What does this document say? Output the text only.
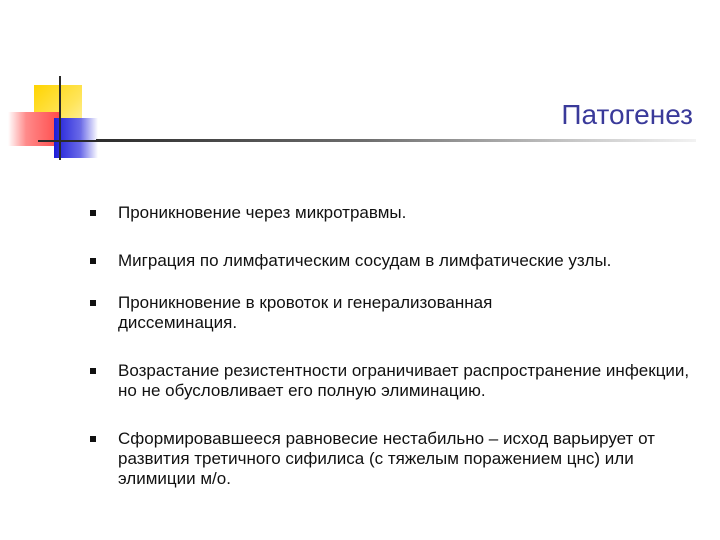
Патогенез
Проникновение через микротравмы.
Миграция по лимфатическим сосудам в лимфатические узлы.
Проникновение в кровоток и генерализованная диссеминация.
Возрастание резистентности ограничивает распространение инфекции, но не обусловливает его полную элиминацию.
Сформировавшееся равновесие нестабильно – исход варьирует от развития третичного сифилиса (с тяжелым поражением цнс) или элимиции м/о.
